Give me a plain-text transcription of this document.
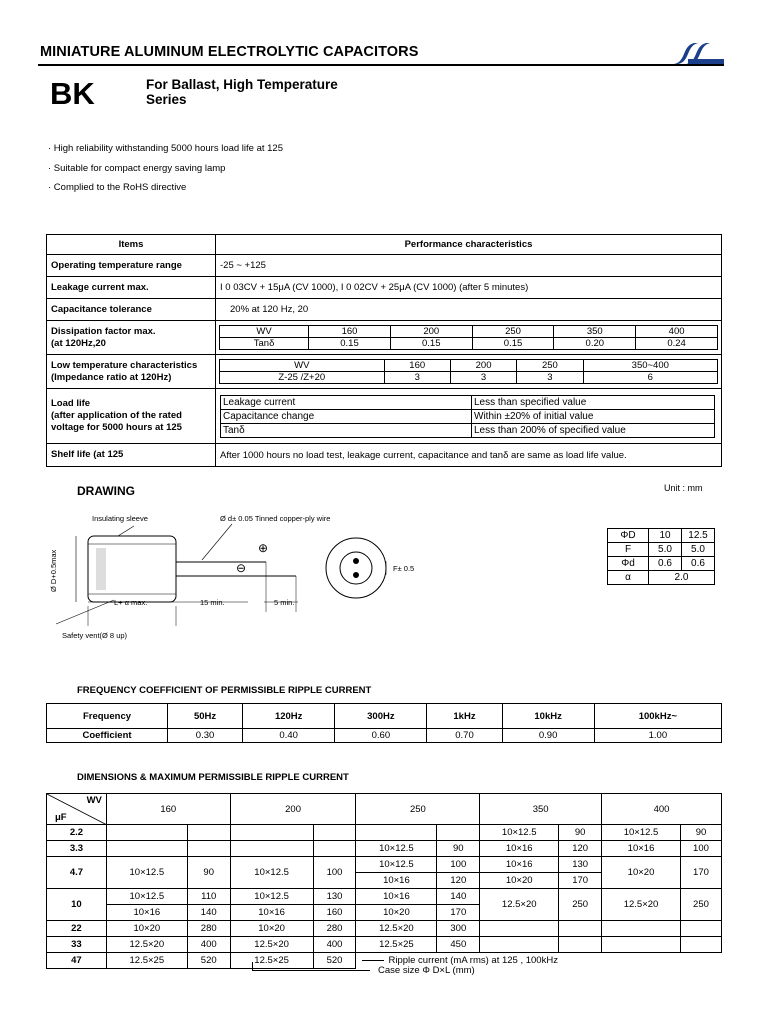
MINIATURE ALUMINUM ELECTROLYTIC CAPACITORS
BK	For Ballast, High Temperature
Series
· High reliability withstanding 5000 hours load life at 125
· Suitable for compact energy saving lamp
· Complied to the RoHS directive
Items	Performance characteristics
Operating temperature range	-25 ~ +125
Leakage current max.	I 0 03CV + 15μA (CV 1000), I 0 02CV + 25μA (CV 1000) (after 5 minutes)
Capacitance tolerance	20% at 120 Hz, 20

Dissipation factor max.
(at 120Hz,20

WV	160	200	250	350	400
Tanδ	0.15	0.15	0.15	0.20	0.24

Low temperature characteristics
(Impedance ratio at 120Hz)

WV	160	200	250	350~400
Z-25 /Z+20	3	3	3	6

Load life
(after application of the rated
voltage for 5000 hours at 125

Leakage current	Less than specified value
Capacitance change	Within ±20% of initial value
Tanδ	Less than 200% of specified value

Shelf life (at 125	After 1000 hours no load test, leakage current, capacitance and tanδ are same as load life value.
DRAWING	Unit : mm
Insulating sleeve	Ø d± 0.05 Tinned copper-ply wire
Ø D+0.5max
L+ α max.	15 min.	5 min.
Safety vent(Ø 8 up)
⊕
⊖	F± 0.5
ΦD	10	12.5
F	5.0	5.0
Φd	0.6	0.6
α	2.0	
FREQUENCY COEFFICIENT OF PERMISSIBLE RIPPLE CURRENT
Frequency	50Hz	120Hz	300Hz	1kHz	10kHz	100kHz~
Coefficient	0.30	0.40	0.60	0.70	0.90	1.00
DIMENSIONS & MAXIMUM PERMISSIBLE RIPPLE CURRENT
WV
μF	160		200		250		350		400	
2.2							10×12.5	90	10×12.5	90
3.3					10×12.5	90	10×16	120	10×16	100
4.7	10×12.5	90	10×12.5	100	10×12.5	100	10×16	130	10×20	170
					10×16	120	10×20	170		
10	10×12.5	110	10×12.5	130	10×16	140	12.5×20	250	12.5×20	250
	10×16	140	10×16	160	10×20	170				
22	10×20	280	10×20	280	12.5×20	300				
33	12.5×20	400	12.5×20	400	12.5×25	450				
47	12.5×25	520	12.5×25	520	Ripple current (mA rms) at 125 , 100kHz					
Case size Φ D×L (mm)
